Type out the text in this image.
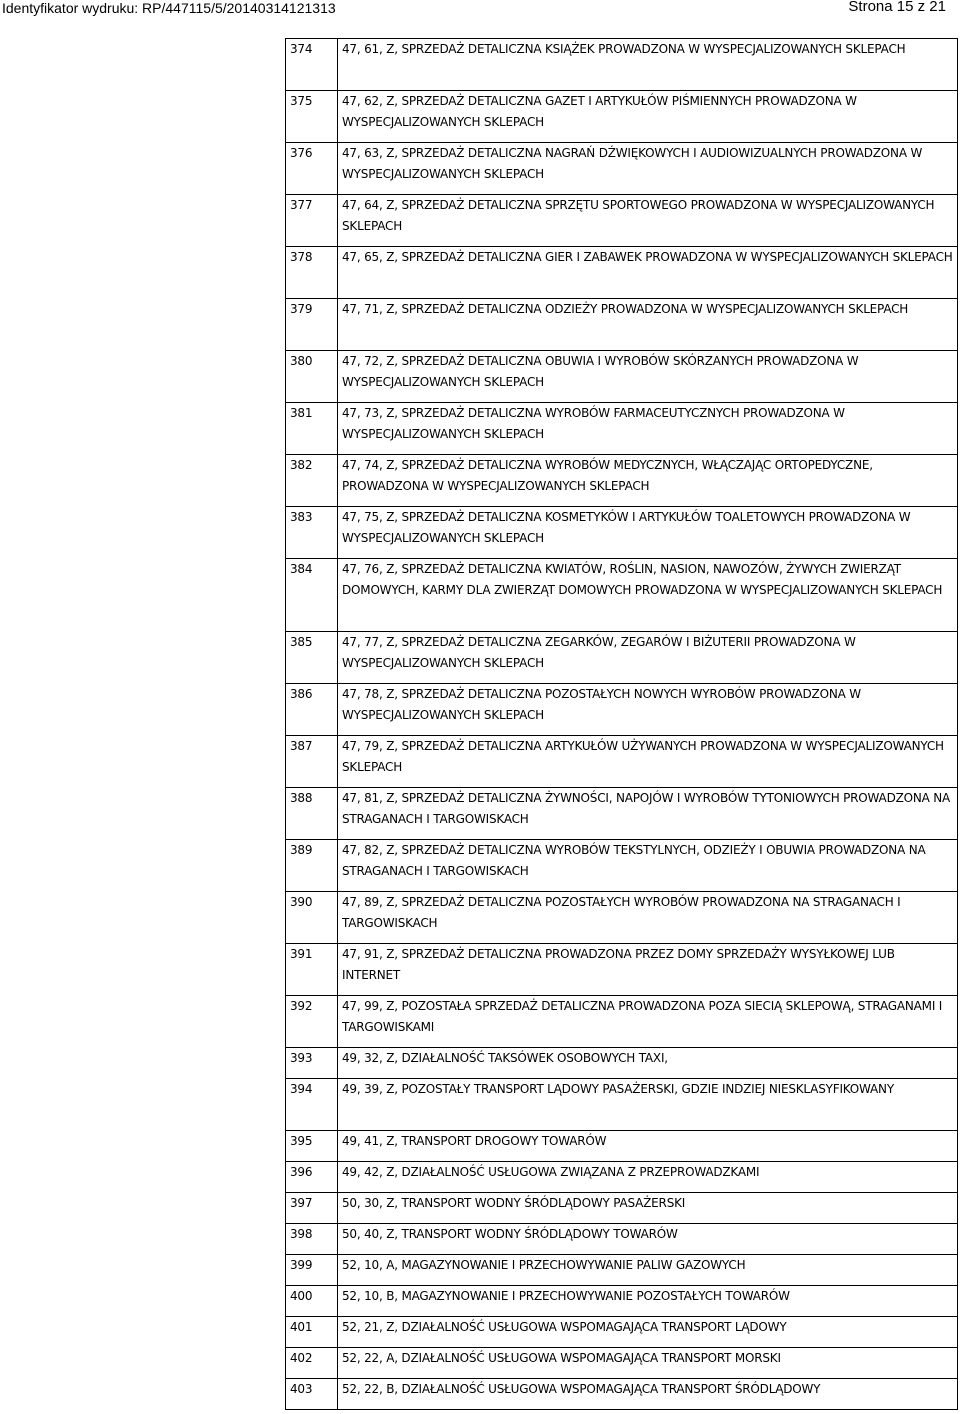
Identyfikator wydruku: RP/447115/5/20140314121313	Strona 15 z 21
374	47, 61, Z, SPRZEDAŻ DETALICZNA KSIĄŻEK PROWADZONA W WYSPECJALIZOWANYCH SKLEPACH
375	47, 62, Z, SPRZEDAŻ DETALICZNA GAZET I ARTYKUŁÓW PIŚMIENNYCH PROWADZONA W WYSPECJALIZOWANYCH SKLEPACH
376	47, 63, Z, SPRZEDAŻ DETALICZNA NAGRAŃ DŹWIĘKOWYCH I AUDIOWIZUALNYCH PROWADZONA W WYSPECJALIZOWANYCH SKLEPACH
377	47, 64, Z, SPRZEDAŻ DETALICZNA SPRZĘTU SPORTOWEGO PROWADZONA W WYSPECJALIZOWANYCH SKLEPACH
378	47, 65, Z, SPRZEDAŻ DETALICZNA GIER I ZABAWEK PROWADZONA W WYSPECJALIZOWANYCH SKLEPACH
379	47, 71, Z, SPRZEDAŻ DETALICZNA ODZIEŻY PROWADZONA W WYSPECJALIZOWANYCH SKLEPACH
380	47, 72, Z, SPRZEDAŻ DETALICZNA OBUWIA I WYROBÓW SKÓRZANYCH PROWADZONA W WYSPECJALIZOWANYCH SKLEPACH
381	47, 73, Z, SPRZEDAŻ DETALICZNA WYROBÓW FARMACEUTYCZNYCH PROWADZONA W WYSPECJALIZOWANYCH SKLEPACH
382	47, 74, Z, SPRZEDAŻ DETALICZNA WYROBÓW MEDYCZNYCH, WŁĄCZAJĄC ORTOPEDYCZNE, PROWADZONA W WYSPECJALIZOWANYCH SKLEPACH
383	47, 75, Z, SPRZEDAŻ DETALICZNA KOSMETYKÓW I ARTYKUŁÓW TOALETOWYCH PROWADZONA W WYSPECJALIZOWANYCH SKLEPACH
384	47, 76, Z, SPRZEDAŻ DETALICZNA KWIATÓW, ROŚLIN, NASION, NAWOZÓW, ŻYWYCH ZWIERZĄT DOMOWYCH, KARMY DLA ZWIERZĄT DOMOWYCH PROWADZONA W WYSPECJALIZOWANYCH SKLEPACH
385	47, 77, Z, SPRZEDAŻ DETALICZNA ZEGARKÓW, ZEGARÓW I BIŻUTERII PROWADZONA W WYSPECJALIZOWANYCH SKLEPACH
386	47, 78, Z, SPRZEDAŻ DETALICZNA POZOSTAŁYCH NOWYCH WYROBÓW PROWADZONA W WYSPECJALIZOWANYCH SKLEPACH
387	47, 79, Z, SPRZEDAŻ DETALICZNA ARTYKUŁÓW UŻYWANYCH PROWADZONA W WYSPECJALIZOWANYCH SKLEPACH
388	47, 81, Z, SPRZEDAŻ DETALICZNA ŻYWNOŚCI, NAPOJÓW I WYROBÓW TYTONIOWYCH PROWADZONA NA STRAGANACH I TARGOWISKACH
389	47, 82, Z, SPRZEDAŻ DETALICZNA WYROBÓW TEKSTYLNYCH, ODZIEŻY I OBUWIA PROWADZONA NA STRAGANACH I TARGOWISKACH
390	47, 89, Z, SPRZEDAŻ DETALICZNA POZOSTAŁYCH WYROBÓW PROWADZONA NA STRAGANACH I TARGOWISKACH
391	47, 91, Z, SPRZEDAŻ DETALICZNA PROWADZONA PRZEZ DOMY SPRZEDAŻY WYSYŁKOWEJ LUB INTERNET
392	47, 99, Z, POZOSTAŁA SPRZEDAŻ DETALICZNA PROWADZONA POZA SIECIĄ SKLEPOWĄ, STRAGANAMI I TARGOWISKAMI
393	49, 32, Z, DZIAŁALNOŚĆ TAKSÓWEK OSOBOWYCH TAXI,
394	49, 39, Z, POZOSTAŁY TRANSPORT LĄDOWY PASAŻERSKI, GDZIE INDZIEJ NIESKLASYFIKOWANY
395	49, 41, Z, TRANSPORT DROGOWY TOWARÓW
396	49, 42, Z, DZIAŁALNOŚĆ USŁUGOWA ZWIĄZANA Z PRZEPROWADZKAMI
397	50, 30, Z, TRANSPORT WODNY ŚRÓDLĄDOWY PASAŻERSKI
398	50, 40, Z, TRANSPORT WODNY ŚRÓDLĄDOWY TOWARÓW
399	52, 10, A, MAGAZYNOWANIE I PRZECHOWYWANIE PALIW GAZOWYCH
400	52, 10, B, MAGAZYNOWANIE I PRZECHOWYWANIE POZOSTAŁYCH TOWARÓW
401	52, 21, Z, DZIAŁALNOŚĆ USŁUGOWA WSPOMAGAJĄCA TRANSPORT LĄDOWY
402	52, 22, A, DZIAŁALNOŚĆ USŁUGOWA WSPOMAGAJĄCA TRANSPORT MORSKI
403	52, 22, B, DZIAŁALNOŚĆ USŁUGOWA WSPOMAGAJĄCA TRANSPORT ŚRÓDLĄDOWY
